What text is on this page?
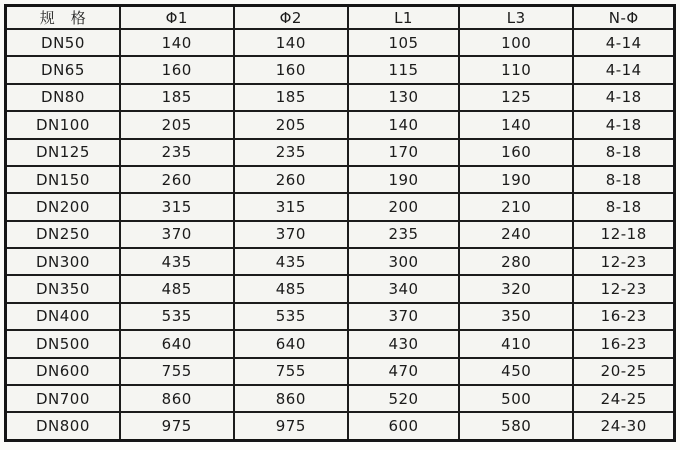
规　格	Φ1	Φ2	L1	L3	N-Φ
DN50	140	140	105	100	4-14
DN65	160	160	115	110	4-14
DN80	185	185	130	125	4-18
DN100	205	205	140	140	4-18
DN125	235	235	170	160	8-18
DN150	260	260	190	190	8-18
DN200	315	315	200	210	8-18
DN250	370	370	235	240	12-18
DN300	435	435	300	280	12-23
DN350	485	485	340	320	12-23
DN400	535	535	370	350	16-23
DN500	640	640	430	410	16-23
DN600	755	755	470	450	20-25
DN700	860	860	520	500	24-25
DN800	975	975	600	580	24-30
